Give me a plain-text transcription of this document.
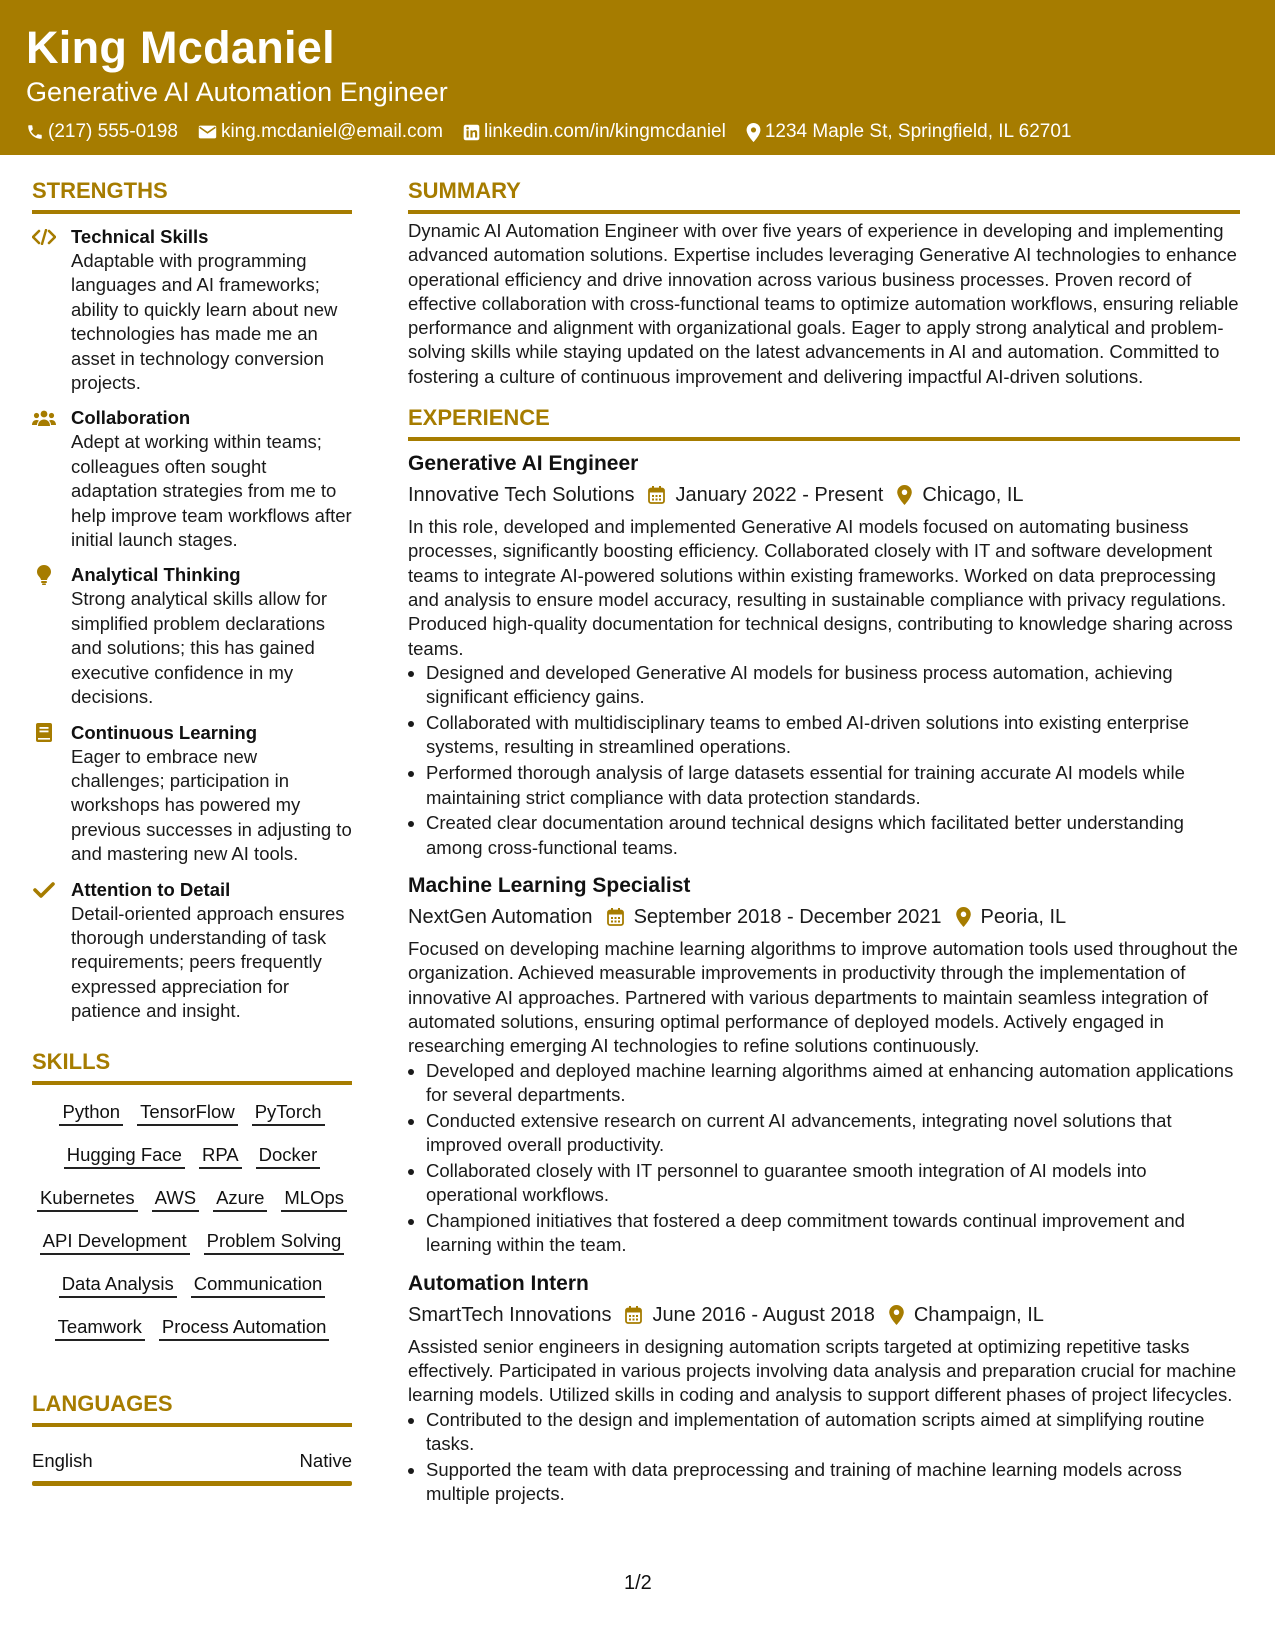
King Mcdaniel
Generative AI Automation Engineer
(217) 555-0198 king.mcdaniel@email.com linkedin.com/in/kingmcdaniel 1234 Maple St, Springfield, IL 62701
STRENGTHS
Technical Skills
Adaptable with programming languages and AI frameworks; ability to quickly learn about new technologies has made me an asset in technology conversion projects.
Collaboration
Adept at working within teams; colleagues often sought adaptation strategies from me to help improve team workflows after initial launch stages.
Analytical Thinking
Strong analytical skills allow for simplified problem declarations and solutions; this has gained executive confidence in my decisions.
Continuous Learning
Eager to embrace new challenges; participation in workshops has powered my previous successes in adjusting to and mastering new AI tools.
Attention to Detail
Detail-oriented approach ensures thorough understanding of task requirements; peers frequently expressed appreciation for patience and insight.
SKILLS
Python TensorFlow PyTorch
Hugging Face RPA Docker
Kubernetes AWS Azure MLOps
API Development Problem Solving
Data Analysis Communication
Teamwork Process Automation
LANGUAGES
English	Native
SUMMARY
Dynamic AI Automation Engineer with over five years of experience in developing and implementing advanced automation solutions. Expertise includes leveraging Generative AI technologies to enhance operational efficiency and drive innovation across various business processes. Proven record of effective collaboration with cross-functional teams to optimize automation workflows, ensuring reliable performance and alignment with organizational goals. Eager to apply strong analytical and problem-solving skills while staying updated on the latest advancements in AI and automation. Committed to fostering a culture of continuous improvement and delivering impactful AI-driven solutions.
EXPERIENCE
Generative AI Engineer
Innovative Tech Solutions January 2022 - Present Chicago, IL
In this role, developed and implemented Generative AI models focused on automating business processes, significantly boosting efficiency. Collaborated closely with IT and software development teams to integrate AI-powered solutions within existing frameworks. Worked on data preprocessing and analysis to ensure model accuracy, resulting in sustainable compliance with privacy regulations. Produced high-quality documentation for technical designs, contributing to knowledge sharing across teams.
• Designed and developed Generative AI models for business process automation, achieving significant efficiency gains.
• Collaborated with multidisciplinary teams to embed AI-driven solutions into existing enterprise systems, resulting in streamlined operations.
• Performed thorough analysis of large datasets essential for training accurate AI models while maintaining strict compliance with data protection standards.
• Created clear documentation around technical designs which facilitated better understanding among cross-functional teams.
Machine Learning Specialist
NextGen Automation September 2018 - December 2021 Peoria, IL
Focused on developing machine learning algorithms to improve automation tools used throughout the organization. Achieved measurable improvements in productivity through the implementation of innovative AI approaches. Partnered with various departments to maintain seamless integration of automated solutions, ensuring optimal performance of deployed models. Actively engaged in researching emerging AI technologies to refine solutions continuously.
• Developed and deployed machine learning algorithms aimed at enhancing automation applications for several departments.
• Conducted extensive research on current AI advancements, integrating novel solutions that improved overall productivity.
• Collaborated closely with IT personnel to guarantee smooth integration of AI models into operational workflows.
• Championed initiatives that fostered a deep commitment towards continual improvement and learning within the team.
Automation Intern
SmartTech Innovations June 2016 - August 2018 Champaign, IL
Assisted senior engineers in designing automation scripts targeted at optimizing repetitive tasks effectively. Participated in various projects involving data analysis and preparation crucial for machine learning models. Utilized skills in coding and analysis to support different phases of project lifecycles.
• Contributed to the design and implementation of automation scripts aimed at simplifying routine tasks.
• Supported the team with data preprocessing and training of machine learning models across multiple projects.
1/2
